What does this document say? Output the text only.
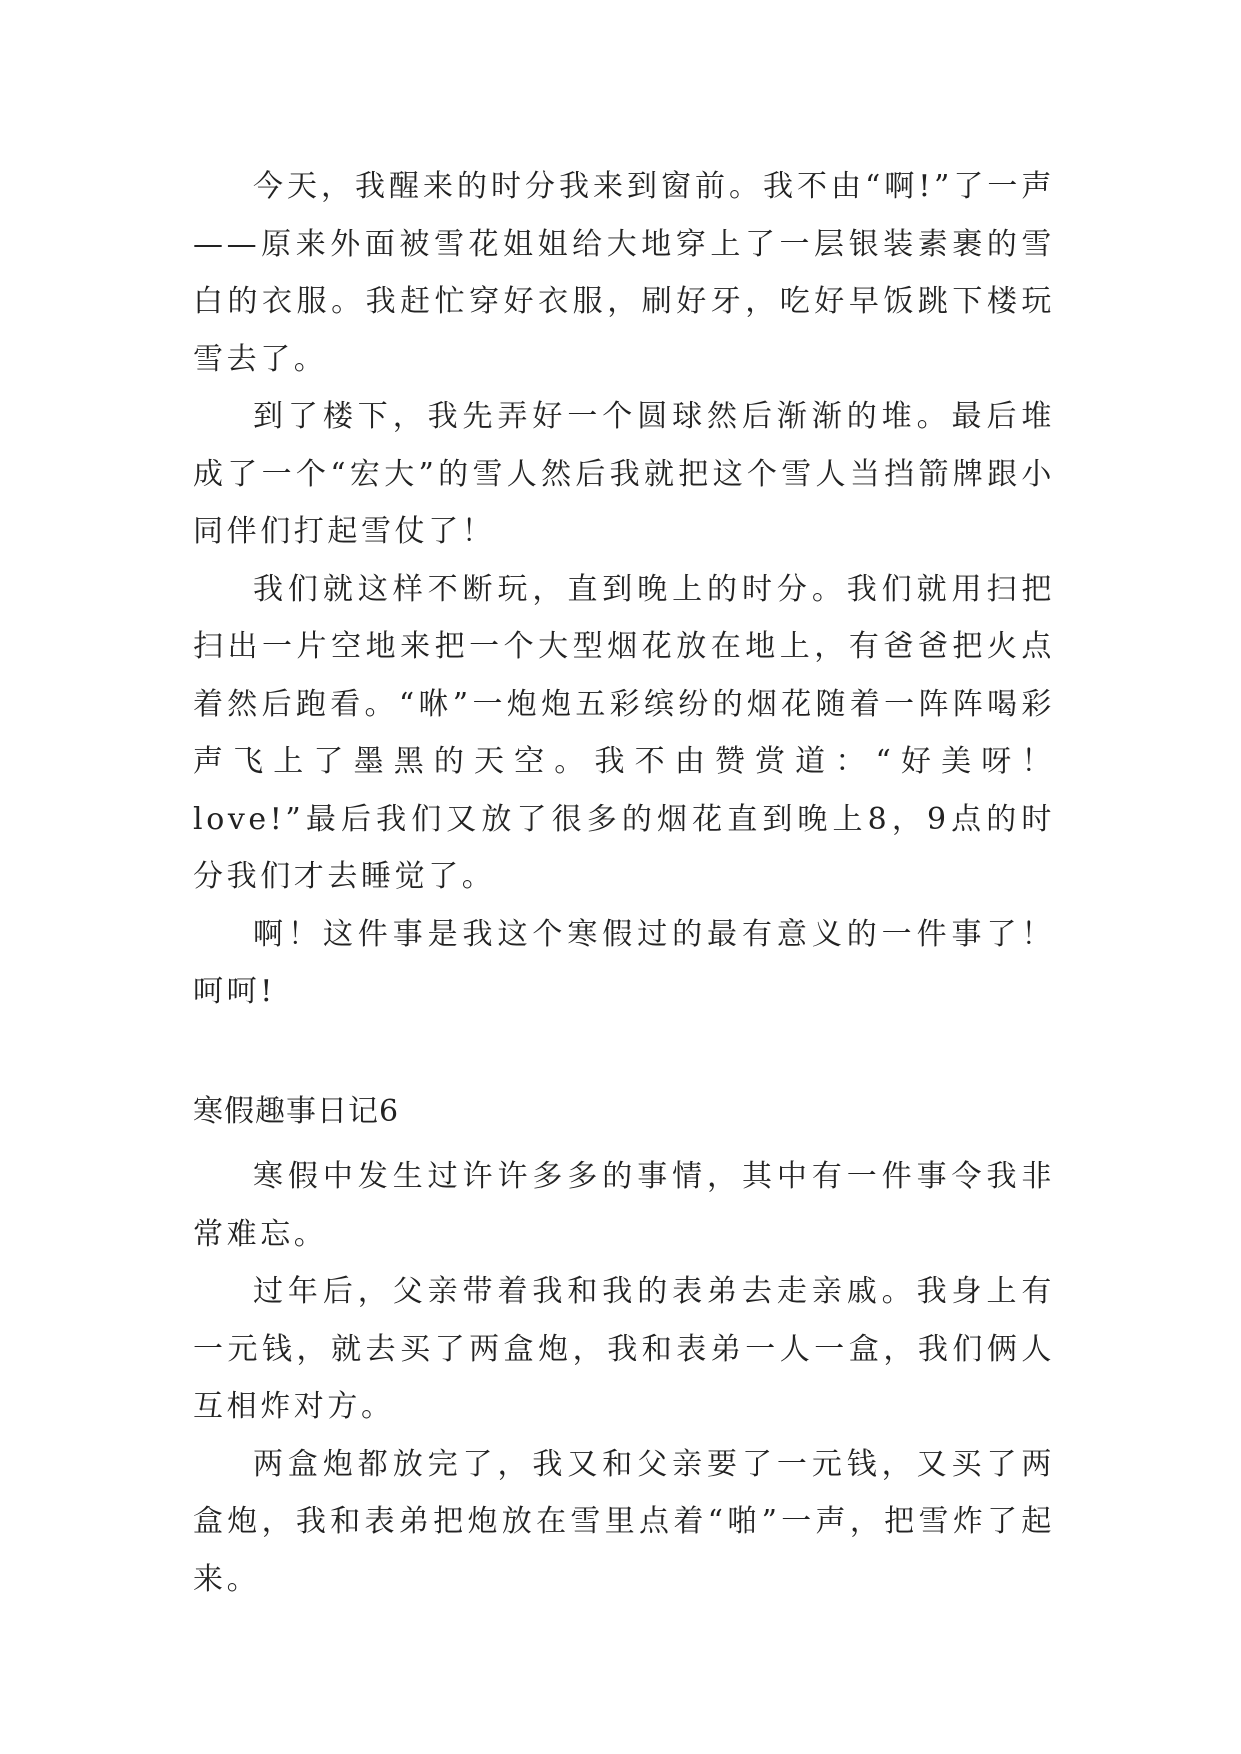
今天，我醒来的时分我来到窗前。我不由“啊!”了一声——原来外面被雪花姐姐给大地穿上了一层银装素裹的雪白的衣服。我赶忙穿好衣服，刷好牙，吃好早饭跳下楼玩雪去了。

到了楼下，我先弄好一个圆球然后渐渐的堆。最后堆成了一个“宏大”的雪人然后我就把这个雪人当挡箭牌跟小同伴们打起雪仗了！

我们就这样不断玩，直到晚上的时分。我们就用扫把扫出一片空地来把一个大型烟花放在地上，有爸爸把火点着然后跑看。“咻”一炮炮五彩缤纷的烟花随着一阵阵喝彩声飞上了墨黑的天空。我不由赞赏道：“好美呀！love!”最后我们又放了很多的烟花直到晚上8，9点的时分我们才去睡觉了。

啊！这件事是我这个寒假过的最有意义的一件事了！呵呵!

寒假趣事日记6

寒假中发生过许许多多的事情，其中有一件事令我非常难忘。

过年后，父亲带着我和我的表弟去走亲戚。我身上有一元钱，就去买了两盒炮，我和表弟一人一盒，我们俩人互相炸对方。

两盒炮都放完了，我又和父亲要了一元钱，又买了两盒炮，我和表弟把炮放在雪里点着“啪”一声，把雪炸了起来。
